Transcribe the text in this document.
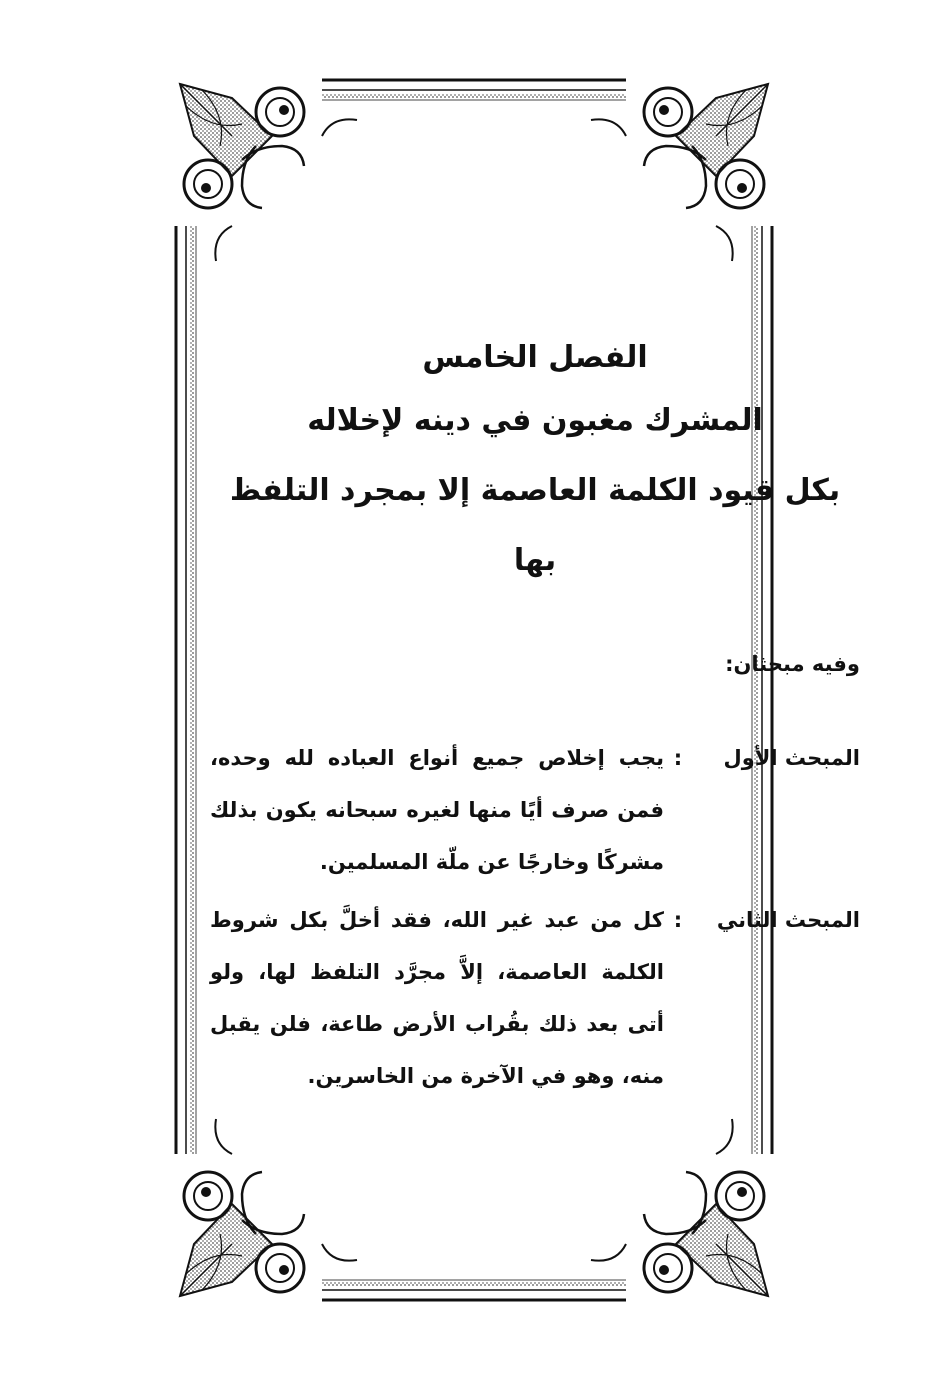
الفصل الخامس
المشرك مغبون في دينه لإخلاله
بكل قيود الكلمة العاصمة إلا بمجرد التلفظ بها
وفيه مبحثان:
المبحث الأول
:
يجب إخلاص جميع أنواع العباده لله وحده، فمن صرف أيًا منها لغيره سبحانه يكون بذلك مشركًا وخارجًا عن ملّة المسلمين.
المبحث الثاني
:
كل من عبد غير الله، فقد أخلَّ بكل شروط الكلمة العاصمة، إلاَّ مجرَّد التلفظ لها، ولو أتى بعد ذلك بقُراب الأرض طاعة، فلن يقبل منه، وهو في الآخرة من الخاسرين.
